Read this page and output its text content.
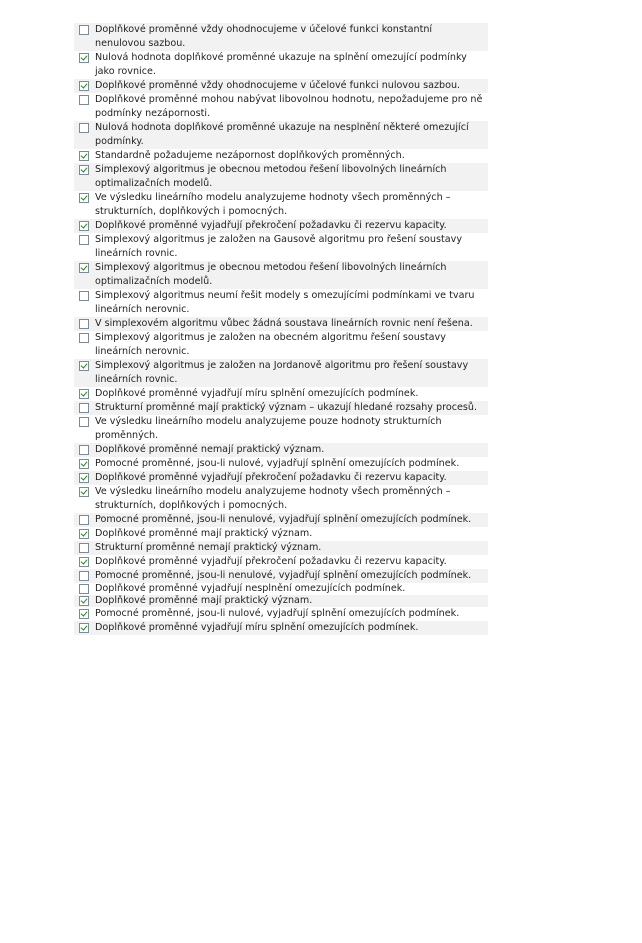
Doplňkové proměnné vždy ohodnocujeme v účelové funkci konstantní nenulovou sazbou.
Nulová hodnota doplňkové proměnné ukazuje na splnění omezující podmínky jako rovnice.
Doplňkové proměnné vždy ohodnocujeme v účelové funkci nulovou sazbou.
Doplňkové proměnné mohou nabývat libovolnou hodnotu, nepožadujeme pro ně podmínky nezápornosti.
Nulová hodnota doplňkové proměnné ukazuje na nesplnění některé omezující podmínky.
Standardně požadujeme nezápornost doplňkových proměnných.
Simplexový algoritmus je obecnou metodou řešení libovolných lineárních optimalizačních modelů.
Ve výsledku lineárního modelu analyzujeme hodnoty všech proměnných – strukturních, doplňkových i pomocných.
Doplňkové proměnné vyjadřují překročení požadavku či rezervu kapacity.
Simplexový algoritmus je založen na Gausově algoritmu pro řešení soustavy lineárních rovnic.
Simplexový algoritmus je obecnou metodou řešení libovolných lineárních optimalizačních modelů.
Simplexový algoritmus neumí řešit modely s omezujícími podmínkami ve tvaru lineárních nerovnic.
V simplexovém algoritmu vůbec žádná soustava lineárních rovnic není řešena.
Simplexový algoritmus je založen na obecném algoritmu řešení soustavy lineárních nerovnic.
Simplexový algoritmus je založen na Jordanově algoritmu pro řešení soustavy lineárních rovnic.
Doplňkové proměnné vyjadřují míru splnění omezujících podmínek.
Strukturní proměnné mají praktický význam – ukazují hledané rozsahy procesů.
Ve výsledku lineárního modelu analyzujeme pouze hodnoty strukturních proměnných.
Doplňkové proměnné nemají praktický význam.
Pomocné proměnné, jsou-li nulové, vyjadřují splnění omezujících podmínek.
Doplňkové proměnné vyjadřují překročení požadavku či rezervu kapacity.
Ve výsledku lineárního modelu analyzujeme hodnoty všech proměnných – strukturních, doplňkových i pomocných.
Pomocné proměnné, jsou-li nenulové, vyjadřují splnění omezujících podmínek.
Doplňkové proměnné mají praktický význam.
Strukturní proměnné nemají praktický význam.
Doplňkové proměnné vyjadřují překročení požadavku či rezervu kapacity.
Pomocné proměnné, jsou-li nenulové, vyjadřují splnění omezujících podmínek.
Doplňkové proměnné vyjadřují nesplnění omezujících podmínek.
Doplňkové proměnné mají praktický význam.
Pomocné proměnné, jsou-li nulové, vyjadřují splnění omezujících podmínek.
Doplňkové proměnné vyjadřují míru splnění omezujících podmínek.
